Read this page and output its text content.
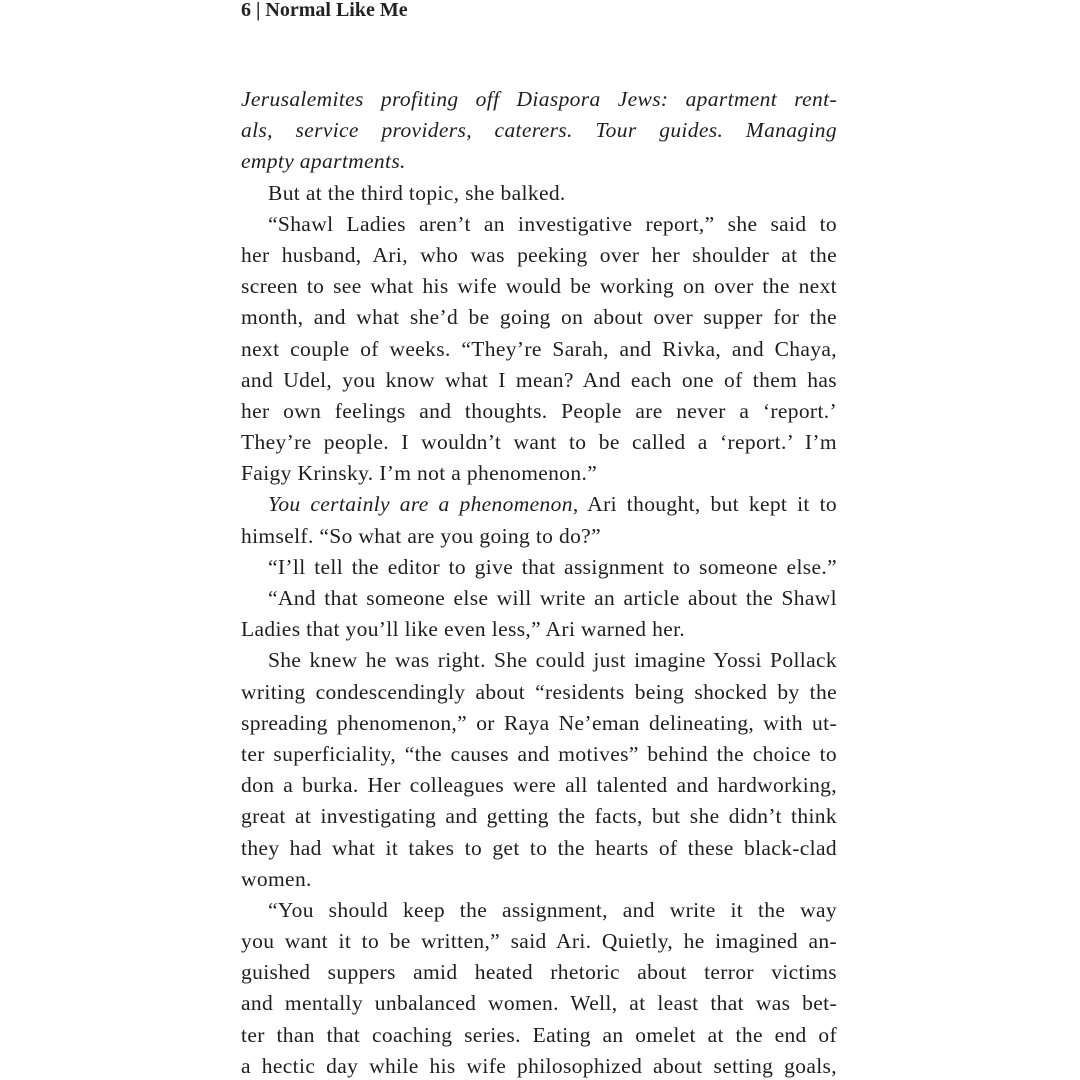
6 | Normal Like Me
Jerusalemites profiting off Diaspora Jews: apartment rent-
als, service providers, caterers. Tour guides. Managing
empty apartments.
But at the third topic, she balked.
“Shawl Ladies aren’t an investigative report,” she said to
her husband, Ari, who was peeking over her shoulder at the
screen to see what his wife would be working on over the next
month, and what she’d be going on about over supper for the
next couple of weeks. “They’re Sarah, and Rivka, and Chaya,
and Udel, you know what I mean? And each one of them has
her own feelings and thoughts. People are never a ‘report.’
They’re people. I wouldn’t want to be called a ‘report.’ I’m
Faigy Krinsky. I’m not a phenomenon.”
You certainly are a phenomenon, Ari thought, but kept it to
himself. “So what are you going to do?”
“I’ll tell the editor to give that assignment to someone else.”
“And that someone else will write an article about the Shawl
Ladies that you’ll like even less,” Ari warned her.
She knew he was right. She could just imagine Yossi Pollack
writing condescendingly about “residents being shocked by the
spreading phenomenon,” or Raya Ne’eman delineating, with ut-
ter superficiality, “the causes and motives” behind the choice to
don a burka. Her colleagues were all talented and hardworking,
great at investigating and getting the facts, but she didn’t think
they had what it takes to get to the hearts of these black-clad
women.
“You should keep the assignment, and write it the way
you want it to be written,” said Ari. Quietly, he imagined an-
guished suppers amid heated rhetoric about terror victims
and mentally unbalanced women. Well, at least that was bet-
ter than that coaching series. Eating an omelet at the end of
a hectic day while his wife philosophized about setting goals,
